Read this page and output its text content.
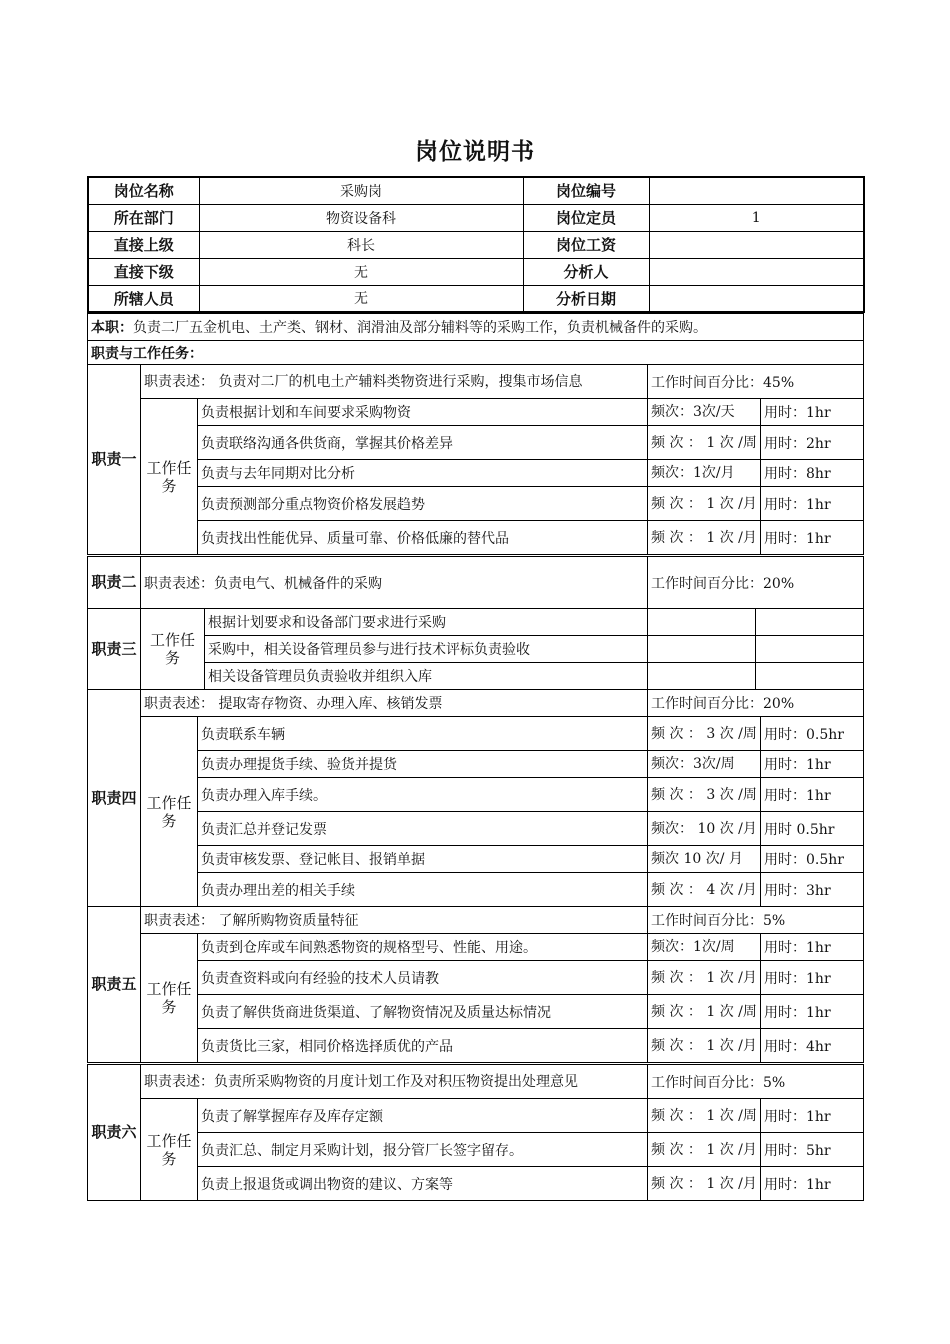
岗位说明书
岗位名称	采购岗	岗位编号	
所在部门	物资设备科	岗位定员	1
直接上级	科长	岗位工资	
直接下级	无	分析人	
所辖人员	无	分析日期	
本职：负责二厂五金机电、土产类、钢材、润滑油及部分辅料等的采购工作，负责机械备件的采购。
职责与工作任务：
职责一	职责表述： 负责对二厂的机电土产辅料类物资进行采购，搜集市场信息		工作时间百分比：45%	
	工作任务	负责根据计划和车间要求采购物资	频次：3次/天	用时：1hr
		负责联络沟通各供货商，掌握其价格差异	频 次 ： 1 次 /周	用时：2hr
		负责与去年同期对比分析	频次：1次/月	用时：8hr
		负责预测部分重点物资价格发展趋势	频 次 ： 1 次 /月	用时：1hr
		负责找出性能优异、质量可靠、价格低廉的替代品	频 次 ： 1 次 /月	用时：1hr
职责二	职责表述：负责电气、机械备件的采购	工作时间百分比：20%
职责三	工作任务	根据计划要求和设备部门要求进行采购		
		采购中，相关设备管理员参与进行技术评标负责验收		
		相关设备管理员负责验收并组织入库		
职责四	职责表述： 提取寄存物资、办理入库、核销发票		工作时间百分比：20%	
	工作任务	负责联系车辆	频 次 ： 3 次 /周	用时：0.5hr
		负责办理提货手续、验货并提货	频次：3次/周	用时：1hr
		负责办理入库手续。	频 次 ： 3 次 /周	用时：1hr
		负责汇总并登记发票	频次： 10 次 /月	用时 0.5hr
		负责审核发票、登记帐目、报销单据	频次 10 次/ 月	用时：0.5hr
		负责办理出差的相关手续	频 次 ： 4 次 /月	用时：3hr
职责五	职责表述： 了解所购物资质量特征		工作时间百分比：5%	
	工作任务	负责到仓库或车间熟悉物资的规格型号、性能、用途。	频次：1次/周	用时：1hr
		负责查资料或向有经验的技术人员请教	频 次 ： 1 次 /月	用时：1hr
		负责了解供货商进货渠道、了解物资情况及质量达标情况	频 次 ： 1 次 /周	用时：1hr
		负责货比三家，相同价格选择质优的产品	频 次 ： 1 次 /月	用时：4hr
职责六	职责表述：负责所采购物资的月度计划工作及对积压物资提出处理意见		工作时间百分比：5%	
	工作任务	负责了解掌握库存及库存定额	频 次 ： 1 次 /周	用时：1hr
		负责汇总、制定月采购计划，报分管厂长签字留存。	频 次 ： 1 次 /月	用时：5hr
		负责上报退货或调出物资的建议、方案等	频 次 ： 1 次 /月	用时：1hr
